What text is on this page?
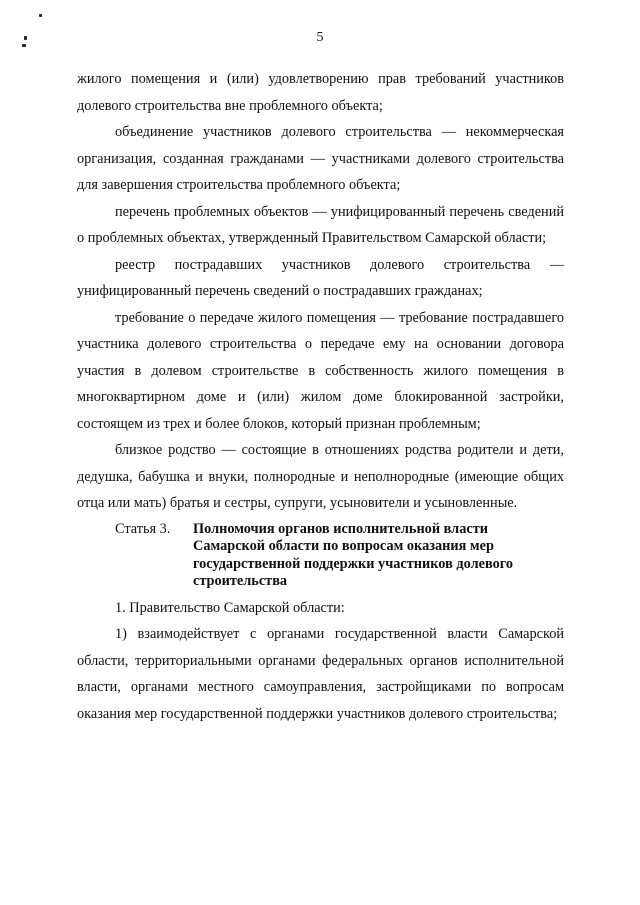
5

жилого помещения и (или) удовлетворению прав требований участников долевого строительства вне проблемного объекта;

объединение участников долевого строительства — некоммерческая организация, созданная гражданами — участниками долевого строительства для завершения строительства проблемного объекта;

перечень проблемных объектов — унифицированный перечень сведений о проблемных объектах, утвержденный Правительством Самарской области;

реестр пострадавших участников долевого строительства — унифицированный перечень сведений о пострадавших гражданах;

требование о передаче жилого помещения — требование пострадавшего участника долевого строительства о передаче ему на основании договора участия в долевом строительстве в собственность жилого помещения в многоквартирном доме и (или) жилом доме блокированной застройки, состоящем из трех и более блоков, который признан проблемным;

близкое родство — состоящие в отношениях родства родители и дети, дедушка, бабушка и внуки, полнородные и неполнородные (имеющие общих отца или мать) братья и сестры, супруги, усыновители и усыновленные.

Статья 3.	Полномочия органов исполнительной власти Самарской области по вопросам оказания мер государственной поддержки участников долевого строительства

1. Правительство Самарской области:

1) взаимодействует с органами государственной власти Самарской области, территориальными органами федеральных органов исполнительной власти, органами местного самоуправления, застройщиками по вопросам оказания мер государственной поддержки участников долевого строительства;
